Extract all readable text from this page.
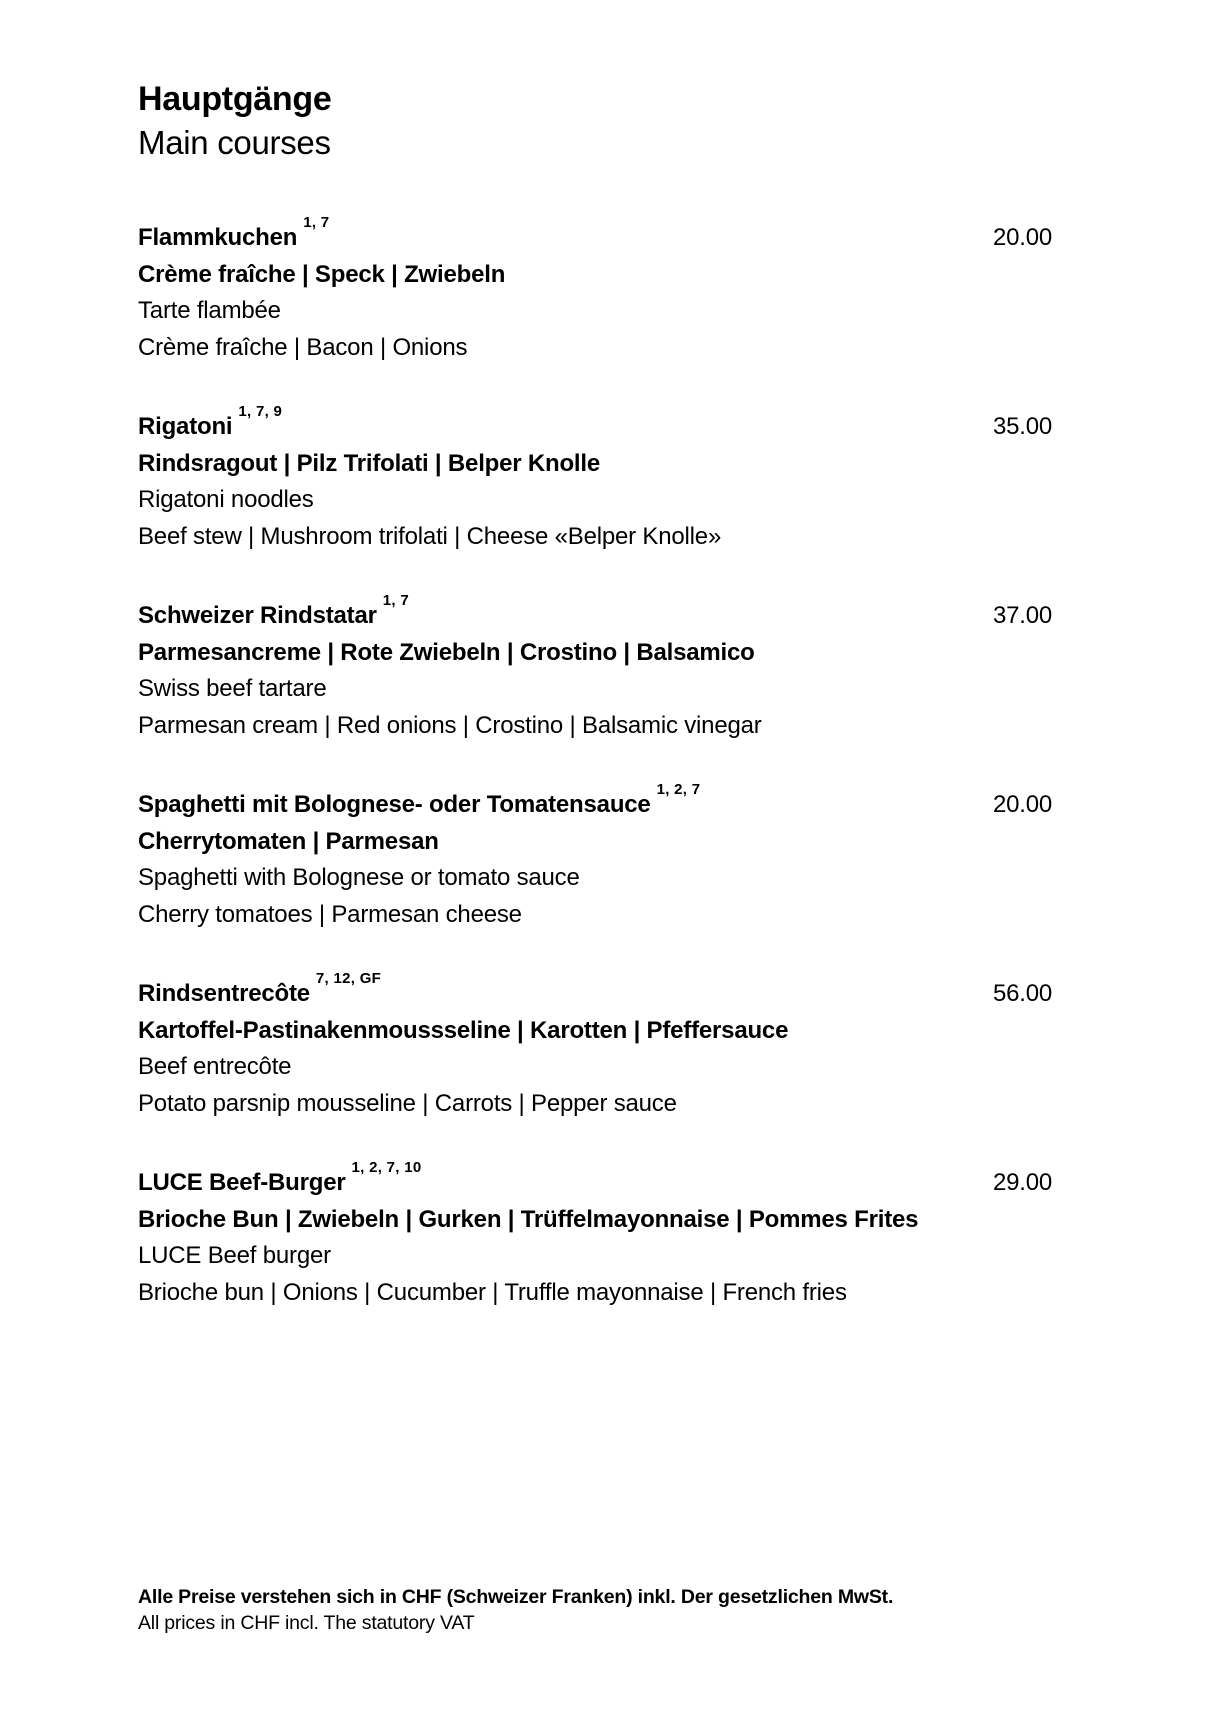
Hauptgänge
Main courses
Flammkuchen$^{1, 7}$
20.00
Crème fraîche | Speck | Zwiebeln
Tarte flambée
Crème fraîche | Bacon | Onions
Rigatoni$^{1, 7, 9}$
35.00
Rindsragout | Pilz Trifolati | Belper Knolle
Rigatoni noodles
Beef stew | Mushroom trifolati | Cheese «Belper Knolle»
Schweizer Rindstatar$^{1, 7}$
37.00
Parmesancreme | Rote Zwiebeln | Crostino | Balsamico
Swiss beef tartare
Parmesan cream | Red onions | Crostino | Balsamic vinegar
Spaghetti mit Bolognese- oder Tomatensauce$^{1, 2, 7}$
20.00
Cherrytomaten | Parmesan
Spaghetti with Bolognese or tomato sauce
Cherry tomatoes | Parmesan cheese
Rindsentrecôte$^{7, 12, GF}$
56.00
Kartoffel-Pastinakenmoussseline | Karotten | Pfeffersauce
Beef entrecôte
Potato parsnip mousseline | Carrots | Pepper sauce
LUCE Beef-Burger$^{1, 2, 7, 10}$
29.00
Brioche Bun | Zwiebeln | Gurken | Trüffelmayonnaise | Pommes Frites
LUCE Beef burger
Brioche bun | Onions | Cucumber | Truffle mayonnaise | French fries
Alle Preise verstehen sich in CHF (Schweizer Franken) inkl. Der gesetzlichen MwSt.
All prices in CHF incl. The statutory VAT
